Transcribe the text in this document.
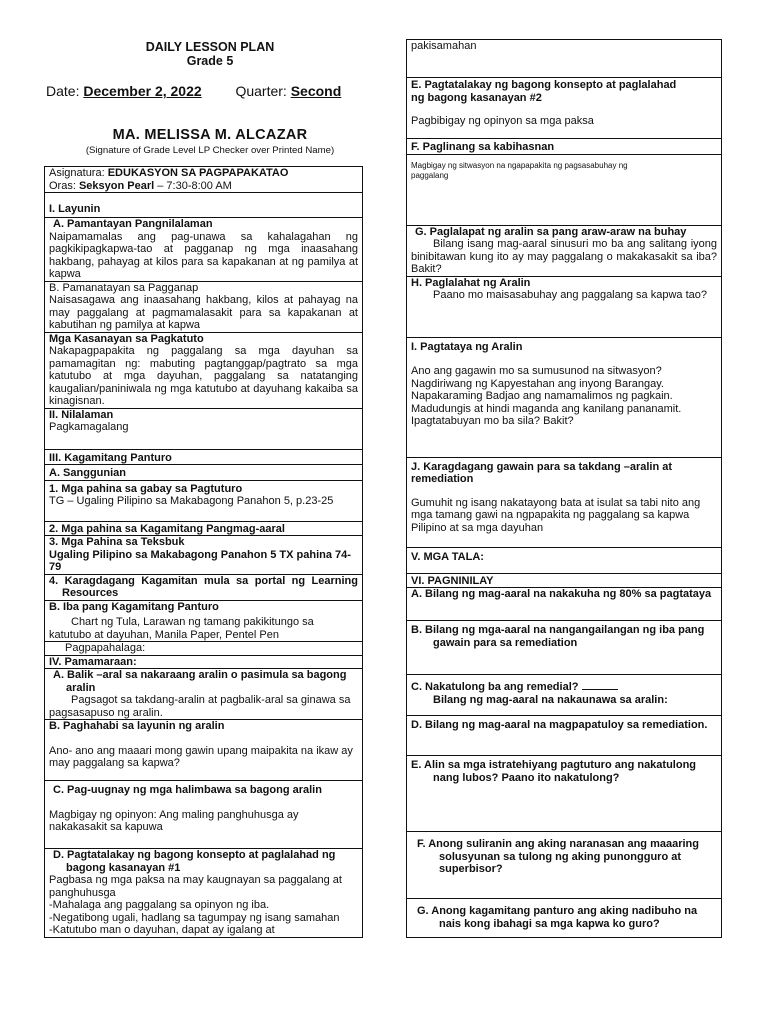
DAILY LESSON PLAN
Grade 5
Date: December 2, 2022 Quarter: Second
MA. MELISSA M. ALCAZAR
(Signature of Grade Level LP Checker over Printed Name)
Asignatura: EDUKASYON SA PAGPAPAKATAO
Oras: Seksyon Pearl – 7:30-8:00 AM
I. Layunin

A. Pamantayan Pangnilalaman
Naipamamalas ang pag-unawa sa kahalagahan ng pagkikipagkapwa-tao at pagganap ng mga inaasahang hakbang, pahayag at kilos para sa kapakanan at ng pamilya at kapwa

B. Pamanatayan sa Pagganap
Naisasagawa ang inaasahang hakbang, kilos at pahayag na may paggalang at pagmamalasakit para sa kapakanan at kabutihan ng pamilya at kapwa

Mga Kasanayan sa Pagkatuto
Nakapagpapakita ng paggalang sa mga dayuhan sa pamamagitan ng: mabuting pagtanggap/pagtrato sa mga katutubo at mga dayuhan, paggalang sa natatanging kaugalian/paniniwala ng mga katutubo at dayuhang kakaiba sa kinagisnan.

II. Nilalaman
Pagkamagalang

III. Kagamitang Panturo
A. Sanggunian

1. Mga pahina sa gabay sa Pagtuturo
TG – Ugaling Pilipino sa Makabagong Panahon 5, p.23-25

2. Mga pahina sa Kagamitang Pangmag-aaral

3. Mga Pahina sa Teksbuk
Ugaling Pilipino sa Makabagong Panahon 5 TX pahina 74-79

4. Karagdagang Kagamitan mula sa portal ng Learning Resources

B. Iba pang Kagamitang Panturo
Chart ng Tula, Larawan ng tamang pakikitungo sa katutubo at dayuhan, Manila Paper, Pentel Pen

Pagpapahalaga:
IV. Pamamaraan:

A. Balik –aral sa nakaraang aralin o pasimula sa bagong aralin
Pagsagot sa takdang-aralin at pagbalik-aral sa ginawa sa pagsasapuso ng aralin.

B. Paghahabi sa layunin ng aralin
Ano- ano ang maaari mong gawin upang maipakita na ikaw ay may paggalang sa kapwa?

C. Pag-uugnay ng mga halimbawa sa bagong aralin
Magbigay ng opinyon: Ang maling panghuhusga ay nakakasakit sa kapuwa

D. Pagtatalakay ng bagong konsepto at paglalahad ng bagong kasanayan #1
Pagbasa ng mga paksa na may kaugnayan sa paggalang at panghuhusga
-Mahalaga ang paggalang sa opinyon ng iba.
-Negatibong ugali, hadlang sa tagumpay ng isang samahan
-Katutubo man o dayuhan, dapat ay igalang at
pakisamahan

E. Pagtatalakay ng bagong konsepto at paglalahad ng bagong kasanayan #2
Pagbibigay ng opinyon sa mga paksa

F. Paglinang sa kabihasnan

Magbigay ng sitwasyon na ngapapakita ng pagsasabuhay ng paggalang

G. Paglalapat ng aralin sa pang araw-araw na buhay
Bilang isang mag-aaral sinusuri mo ba ang salitang iyong binibitawan kung ito ay may paggalang o makakasakit sa iba? Bakit?

H. Paglalahat ng Aralin
Paano mo maisasabuhay ang paggalang sa kapwa tao?

I. Pagtataya ng Aralin
Ano ang gagawin mo sa sumusunod na sitwasyon? Nagdiriwang ng Kapyestahan ang inyong Barangay. Napakaraming Badjao ang namamalimos ng pagkain. Madudungis at hindi maganda ang kanilang pananamit. Ipagtatabuyan mo ba sila? Bakit?

J. Karagdagang gawain para sa takdang –aralin at remediation
Gumuhit ng isang nakatayong bata at isulat sa tabi nito ang mga tamang gawi na ngpapakita ng paggalang sa kapwa Pilipino at sa mga dayuhan

V. MGA TALA:
VI. PAGNINILAY
A. Bilang ng mag-aaral na nakakuha ng 80% sa pagtataya
B. Bilang ng mga-aaral na nangangailangan ng iba pang gawain para sa remediation

C. Nakatulong ba ang remedial?
Bilang ng mag-aaral na nakaunawa sa aralin:

D. Bilang ng mag-aaral na magpapatuloy sa remediation.
E. Alin sa mga istratehiyang pagtuturo ang nakatulong nang lubos? Paano ito nakatulong?
F. Anong suliranin ang aking naranasan ang maaaring solusyunan sa tulong ng aking punongguro at superbisor?
G. Anong kagamitang panturo ang aking nadibuho na nais kong ibahagi sa mga kapwa ko guro?
